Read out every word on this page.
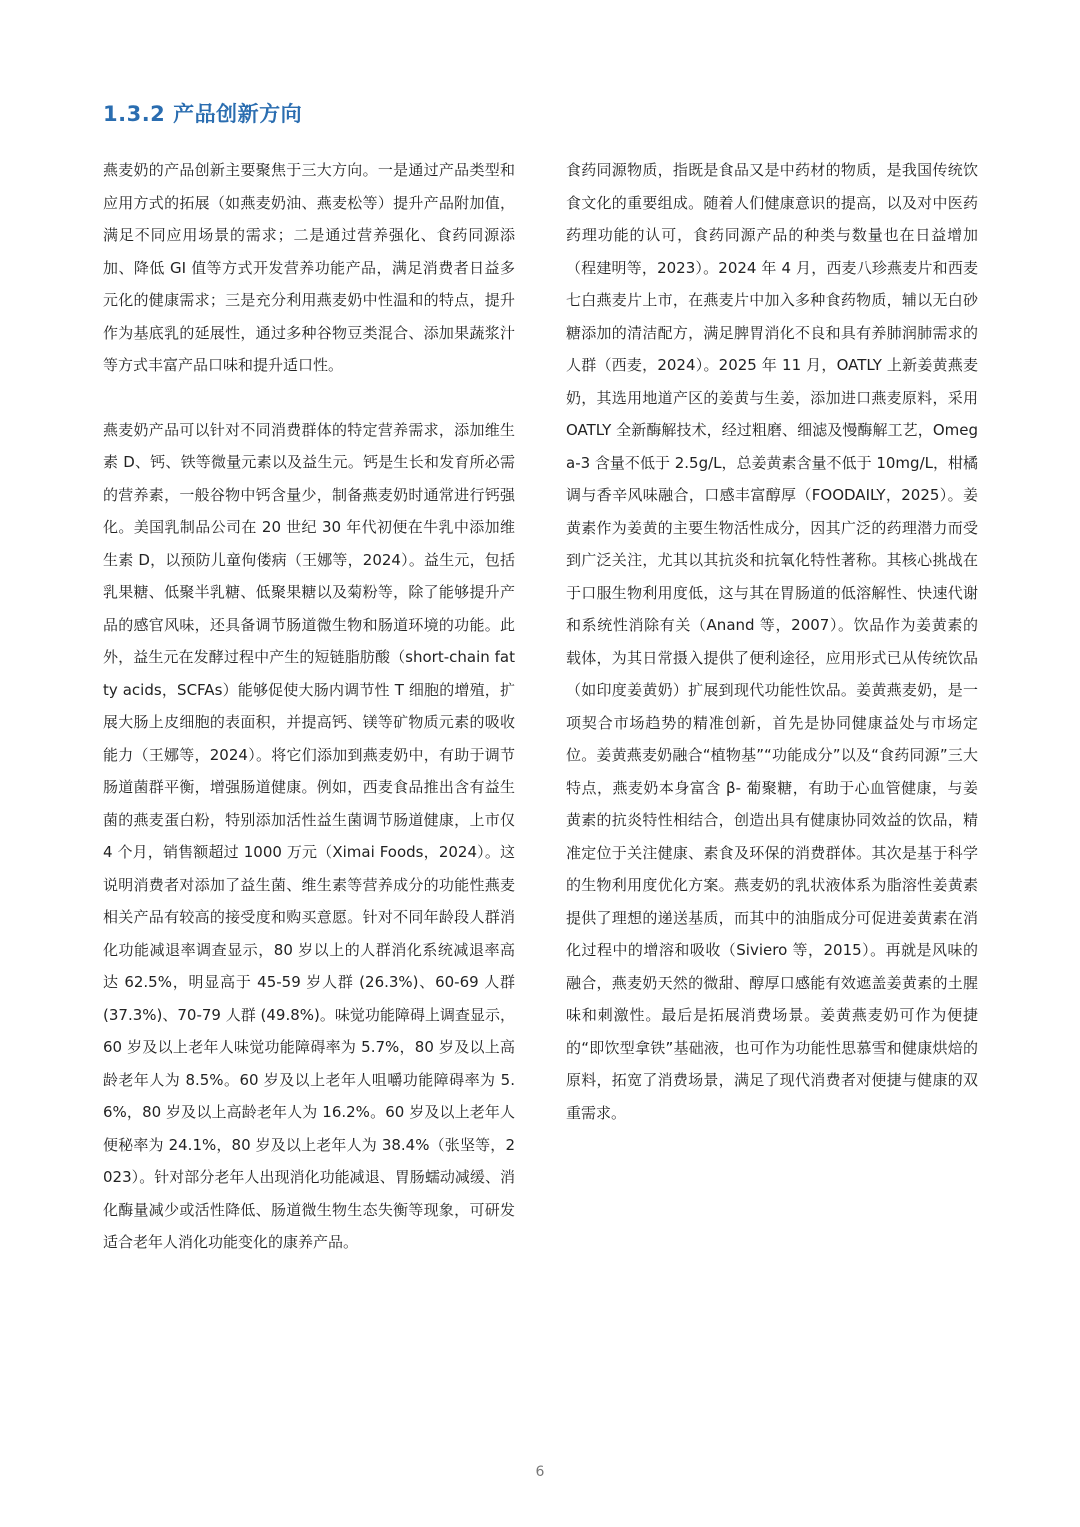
1.3.2 产品创新方向

燕麦奶的产品创新主要聚焦于三大方向。一是通过产品类型和应用方式的拓展（如燕麦奶油、燕麦松等）提升产品附加值，满足不同应用场景的需求；二是通过营养强化、食药同源添加、降低 GI 值等方式开发营养功能产品，满足消费者日益多元化的健康需求；三是充分利用燕麦奶中性温和的特点，提升作为基底乳的延展性，通过多种谷物豆类混合、添加果蔬浆汁等方式丰富产品口味和提升适口性。

燕麦奶产品可以针对不同消费群体的特定营养需求，添加维生素 D、钙、铁等微量元素以及益生元。钙是生长和发育所必需的营养素，一般谷物中钙含量少，制备燕麦奶时通常进行钙强化。美国乳制品公司在 20 世纪 30 年代初便在牛乳中添加维生素 D，以预防儿童佝偻病（王娜等，2024）。益生元，包括乳果糖、低聚半乳糖、低聚果糖以及菊粉等，除了能够提升产品的感官风味，还具备调节肠道微生物和肠道环境的功能。此外，益生元在发酵过程中产生的短链脂肪酸（short-chain fatty acids，SCFAs）能够促使大肠内调节性 T 细胞的增殖，扩展大肠上皮细胞的表面积，并提高钙、镁等矿物质元素的吸收能力（王娜等，2024）。将它们添加到燕麦奶中，有助于调节肠道菌群平衡，增强肠道健康。例如，西麦食品推出含有益生菌的燕麦蛋白粉，特别添加活性益生菌调节肠道健康，上市仅 4 个月，销售额超过 1000 万元（Ximai Foods，2024）。这说明消费者对添加了益生菌、维生素等营养成分的功能性燕麦相关产品有较高的接受度和购买意愿。针对不同年龄段人群消化功能减退率调查显示，80 岁以上的人群消化系统减退率高达 62.5%，明显高于 45-59 岁人群 (26.3%)、60-69 人群 (37.3%)、70-79 人群 (49.8%)。味觉功能障碍上调查显示，60 岁及以上老年人味觉功能障碍率为 5.7%，80 岁及以上高龄老年人为 8.5%。60 岁及以上老年人咀嚼功能障碍率为 5.6%，80 岁及以上高龄老年人为 16.2%。60 岁及以上老年人便秘率为 24.1%，80 岁及以上老年人为 38.4%（张坚等，2023）。针对部分老年人出现消化功能减退、胃肠蠕动减缓、消化酶量减少或活性降低、肠道微生物生态失衡等现象，可研发适合老年人消化功能变化的康养产品。

食药同源物质，指既是食品又是中药材的物质，是我国传统饮食文化的重要组成。随着人们健康意识的提高，以及对中医药药理功能的认可，食药同源产品的种类与数量也在日益增加（程建明等，2023）。2024 年 4 月，西麦八珍燕麦片和西麦七白燕麦片上市，在燕麦片中加入多种食药物质，辅以无白砂糖添加的清洁配方，满足脾胃消化不良和具有养肺润肺需求的人群（西麦，2024）。2025 年 11 月，OATLY 上新姜黄燕麦奶，其选用地道产区的姜黄与生姜，添加进口燕麦原料，采用 OATLY 全新酶解技术，经过粗磨、细滤及慢酶解工艺，Omega-3 含量不低于 2.5g/L，总姜黄素含量不低于 10mg/L，柑橘调与香辛风味融合，口感丰富醇厚（FOODAILY，2025）。姜黄素作为姜黄的主要生物活性成分，因其广泛的药理潜力而受到广泛关注，尤其以其抗炎和抗氧化特性著称。其核心挑战在于口服生物利用度低，这与其在胃肠道的低溶解性、快速代谢和系统性消除有关（Anand 等，2007）。饮品作为姜黄素的载体，为其日常摄入提供了便利途径，应用形式已从传统饮品（如印度姜黄奶）扩展到现代功能性饮品。姜黄燕麦奶，是一项契合市场趋势的精准创新，首先是协同健康益处与市场定位。姜黄燕麦奶融合“植物基”“功能成分”以及“食药同源”三大特点，燕麦奶本身富含 β- 葡聚糖，有助于心血管健康，与姜黄素的抗炎特性相结合，创造出具有健康协同效益的饮品，精准定位于关注健康、素食及环保的消费群体。其次是基于科学的生物利用度优化方案。燕麦奶的乳状液体系为脂溶性姜黄素提供了理想的递送基质，而其中的油脂成分可促进姜黄素在消化过程中的增溶和吸收（Siviero 等，2015）。再就是风味的融合，燕麦奶天然的微甜、醇厚口感能有效遮盖姜黄素的土腥味和刺激性。最后是拓展消费场景。姜黄燕麦奶可作为便捷的“即饮型拿铁”基础液，也可作为功能性思慕雪和健康烘焙的原料，拓宽了消费场景，满足了现代消费者对便捷与健康的双重需求。

6
